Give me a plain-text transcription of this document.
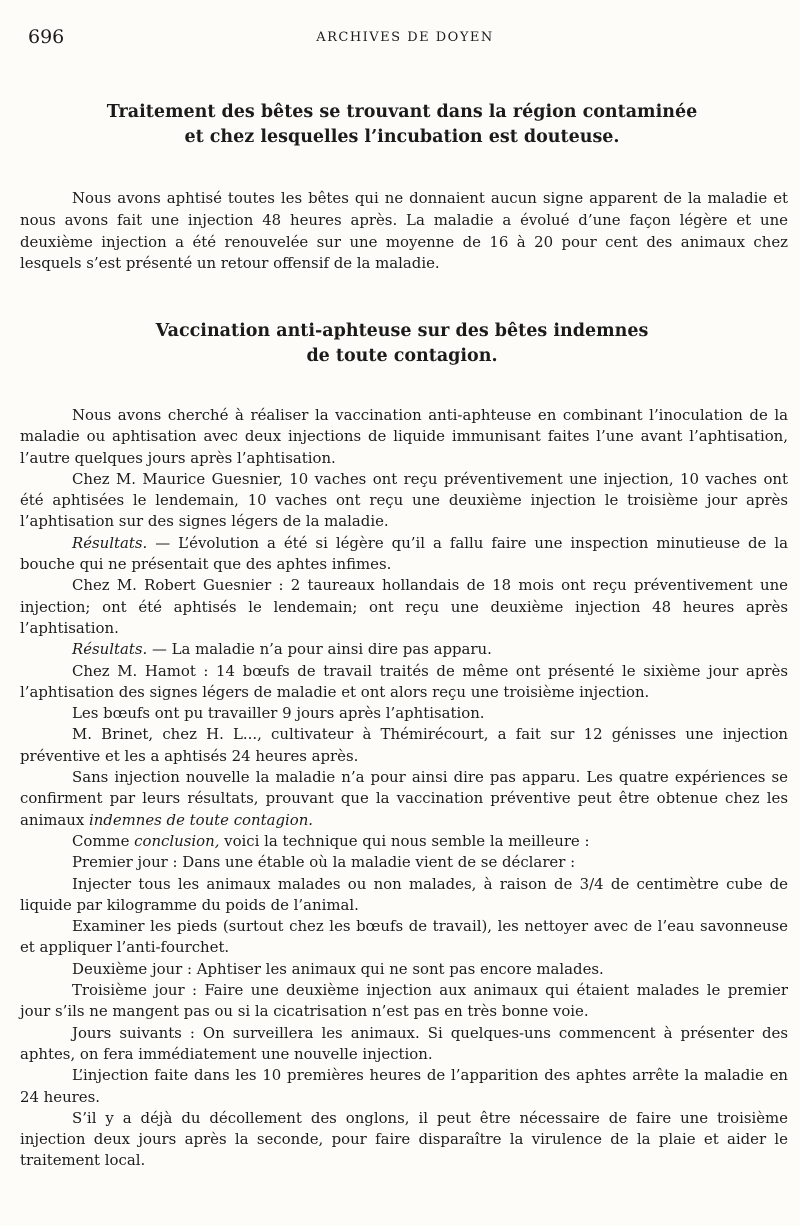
696	ARCHIVES DE DOYEN

Traitement des bêtes se trouvant dans la région contaminée

et chez lesquelles l’incubation est douteuse.

Nous avons aphtisé toutes les bêtes qui ne donnaient aucun signe apparent de la maladie et nous avons fait une injection 48 heures après. La maladie a évolué d’une façon légère et une deuxième injection a été renouvelée sur une moyenne de 16 à 20 pour cent des animaux chez lesquels s’est présenté un retour offensif de la maladie.

Vaccination anti-aphteuse sur des bêtes indemnes

de toute contagion.

Nous avons cherché à réaliser la vaccination anti-aphteuse en combinant l’inoculation de la maladie ou aphtisation avec deux injections de liquide immunisant faites l’une avant l’aphtisation, l’autre quelques jours après l’aphtisation.

Chez M. Maurice Guesnier, 10 vaches ont reçu préventivement une injection, 10 vaches ont été aphtisées le lendemain, 10 vaches ont reçu une deuxième injection le troisième jour après l’aphtisation sur des signes légers de la maladie.

Résultats. — L’évolution a été si légère qu’il a fallu faire une inspection minutieuse de la bouche qui ne présentait que des aphtes infimes.

Chez M. Robert Guesnier : 2 taureaux hollandais de 18 mois ont reçu préventivement une injection; ont été aphtisés le lendemain; ont reçu une deuxième injection 48 heures après l’aphtisation.

Résultats. — La maladie n’a pour ainsi dire pas apparu.

Chez M. Hamot : 14 bœufs de travail traités de même ont présenté le sixième jour après l’aphtisation des signes légers de maladie et ont alors reçu une troisième injection.

Les bœufs ont pu travailler 9 jours après l’aphtisation.

M. Brinet, chez H. L..., cultivateur à Thémirécourt, a fait sur 12 génisses une injection préventive et les a aphtisés 24 heures après.

Sans injection nouvelle la maladie n’a pour ainsi dire pas apparu. Les quatre expériences se confirment par leurs résultats, prouvant que la vaccination préventive peut être obtenue chez les animaux indemnes de toute contagion.

Comme conclusion, voici la technique qui nous semble la meilleure :

Premier jour : Dans une étable où la maladie vient de se déclarer :

Injecter tous les animaux malades ou non malades, à raison de 3/4 de centimètre cube de liquide par kilogramme du poids de l’animal.

Examiner les pieds (surtout chez les bœufs de travail), les nettoyer avec de l’eau savonneuse et appliquer l’anti-fourchet.

Deuxième jour : Aphtiser les animaux qui ne sont pas encore malades.

Troisième jour : Faire une deuxième injection aux animaux qui étaient malades le premier jour s’ils ne mangent pas ou si la cicatrisation n’est pas en très bonne voie.

Jours suivants : On surveillera les animaux. Si quelques-uns commencent à présenter des aphtes, on fera immédiatement une nouvelle injection.

L’injection faite dans les 10 premières heures de l’apparition des aphtes arrête la maladie en 24 heures.

S’il y a déjà du décollement des onglons, il peut être nécessaire de faire une troisième injection deux jours après la seconde, pour faire disparaître la virulence de la plaie et aider le traitement local.
